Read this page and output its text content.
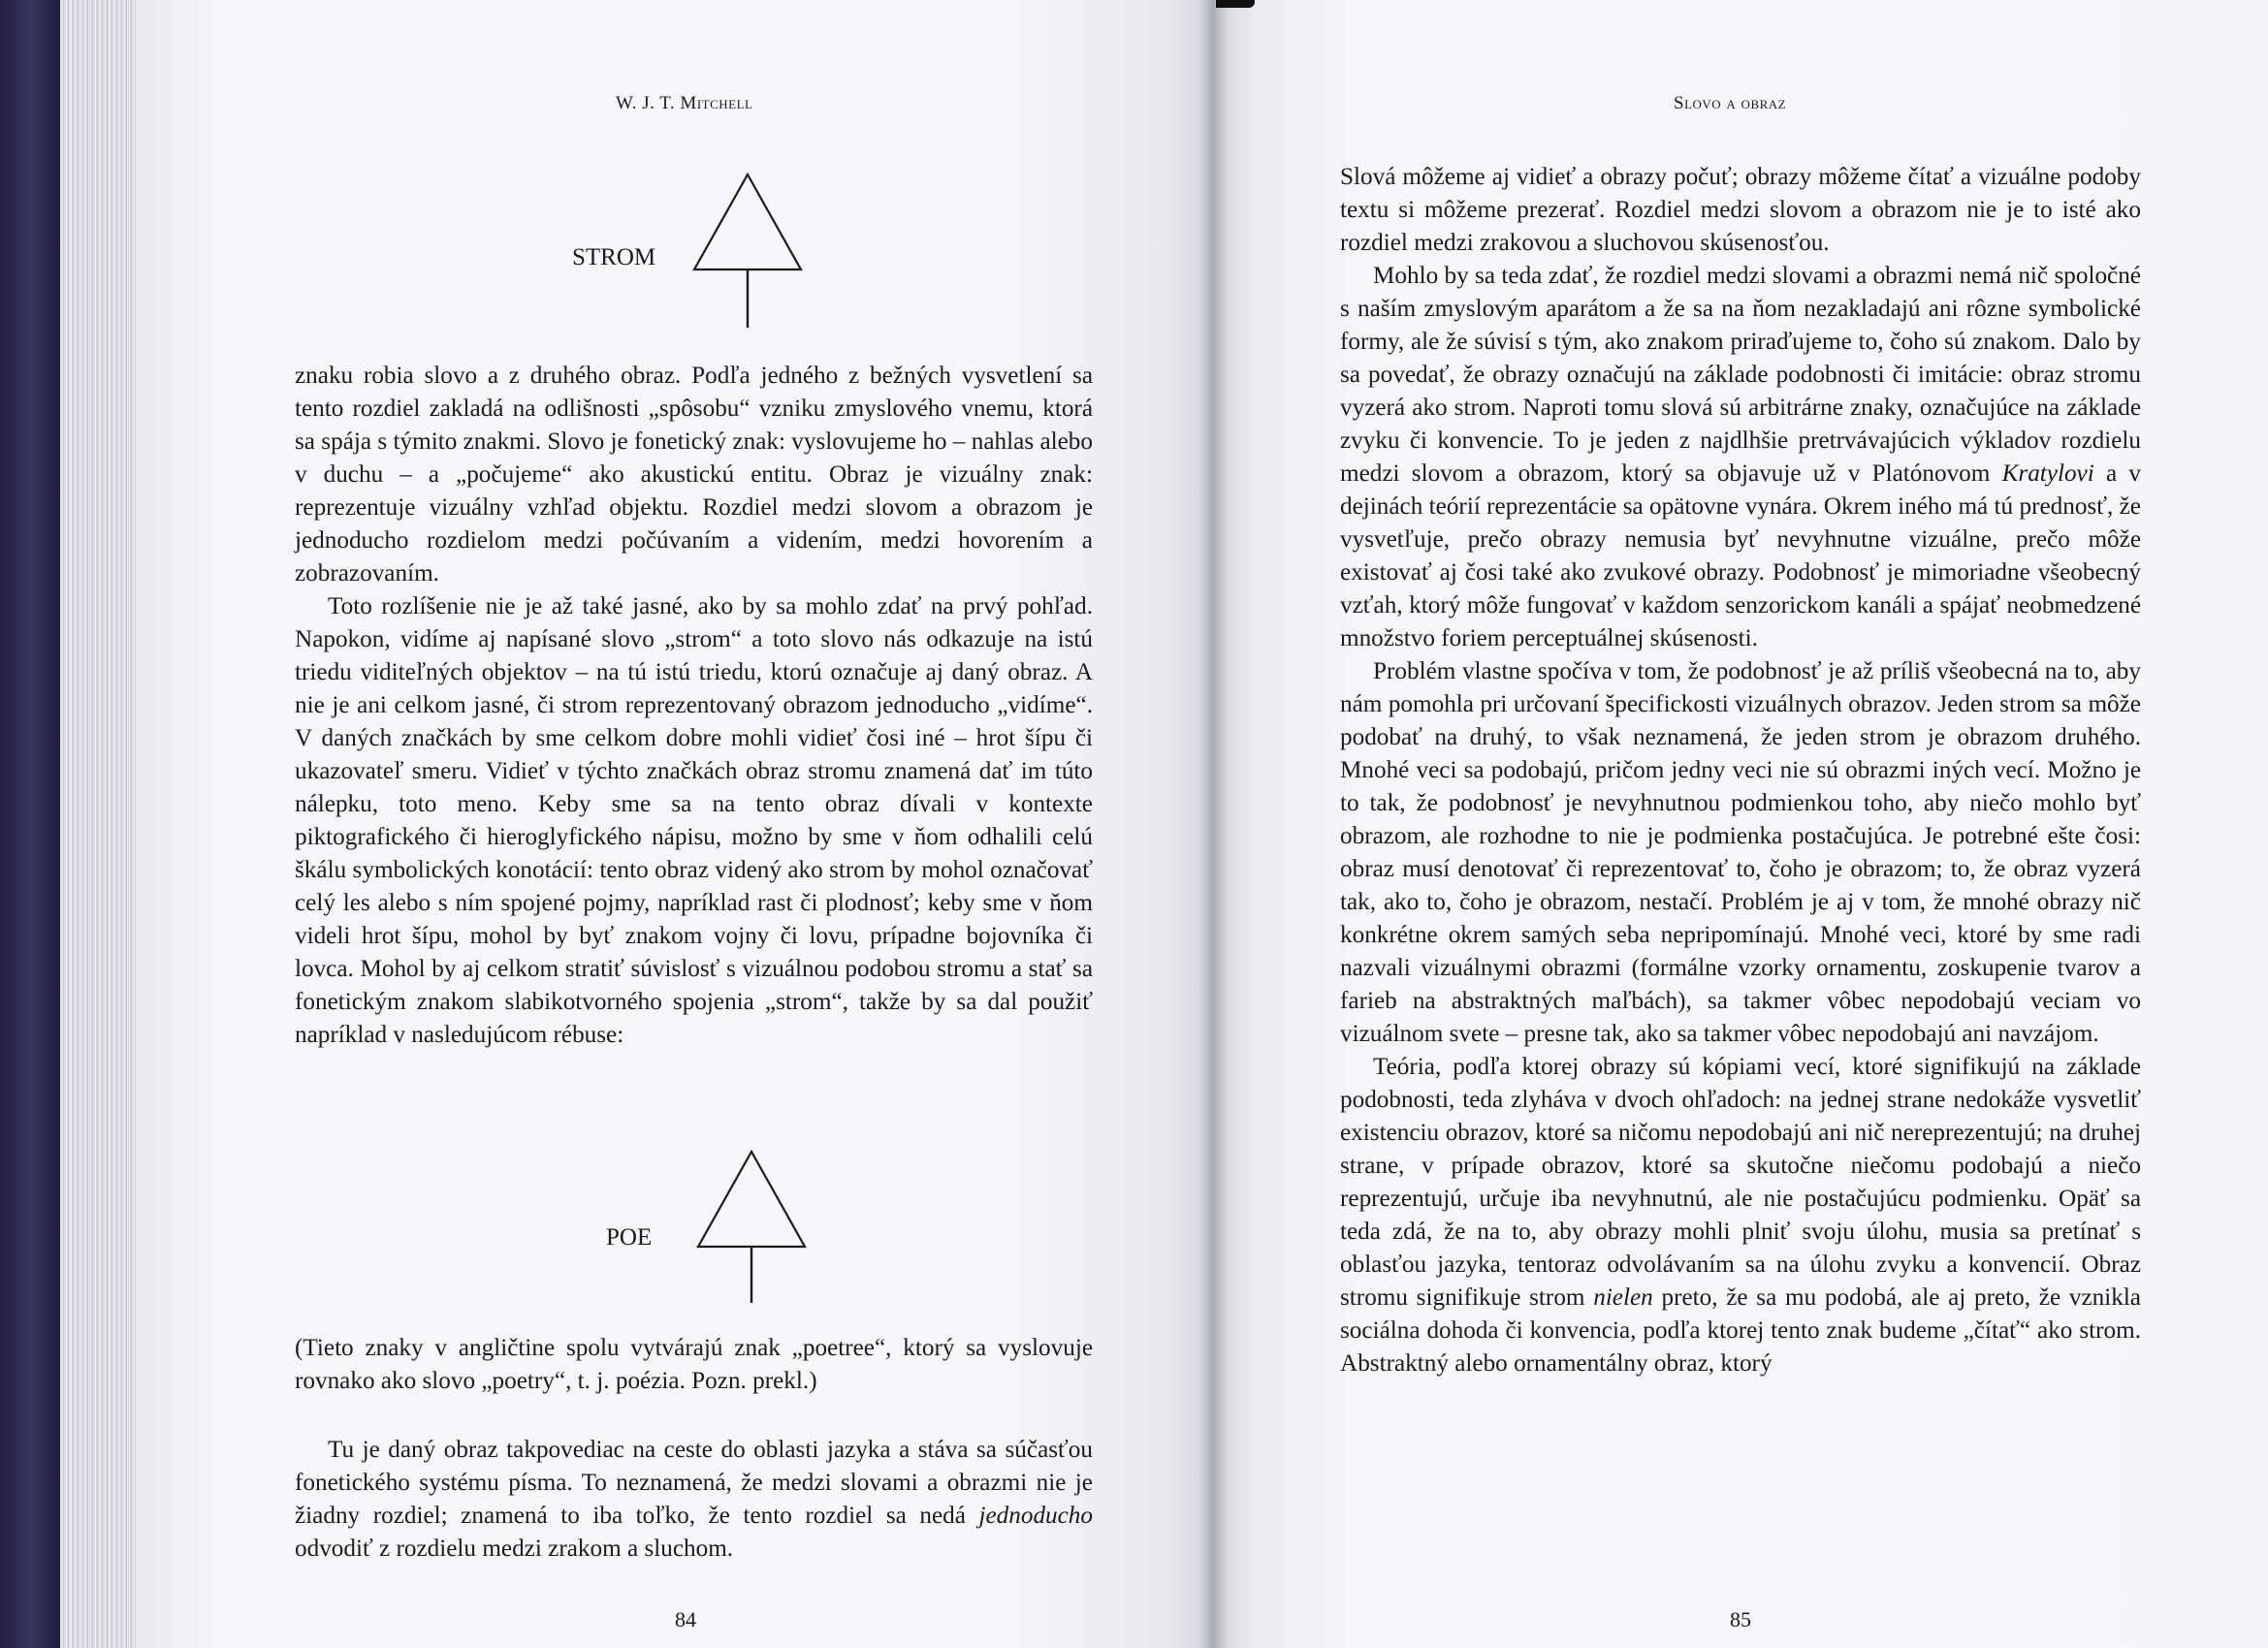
W. J. T. Mitchell
STROM

znaku robia slovo a z druhého obraz. Podľa jedného z bežných vysvetlení sa tento rozdiel zakladá na odlišnosti „spôsobu“ vzniku zmyslového vnemu, ktorá sa spája s týmito znakmi. Slovo je fonetický znak: vyslovujeme ho – nahlas alebo v duchu – a „počujeme“ ako akustickú entitu. Obraz je vizuálny znak: reprezentuje vizuálny vzhľad objektu. Rozdiel medzi slovom a obrazom je jednoducho rozdielom medzi počúvaním a videním, medzi hovorením a zobrazovaním.

Toto rozlíšenie nie je až také jasné, ako by sa mohlo zdať na prvý pohľad. Napokon, vidíme aj napísané slovo „strom“ a toto slovo nás odkazuje na istú triedu viditeľných objektov – na tú istú triedu, ktorú označuje aj daný obraz. A nie je ani celkom jasné, či strom reprezentovaný obrazom jednoducho „vidíme“. V daných značkách by sme celkom dobre mohli vidieť čosi iné – hrot šípu či ukazovateľ smeru. Vidieť v týchto značkách obraz stromu znamená dať im túto nálepku, toto meno. Keby sme sa na tento obraz dívali v kontexte piktografického či hieroglyfického nápisu, možno by sme v ňom odhalili celú škálu symbolických konotácií: tento obraz videný ako strom by mohol označovať celý les alebo s ním spojené pojmy, napríklad rast či plodnosť; keby sme v ňom videli hrot šípu, mohol by byť znakom vojny či lovu, prípadne bojovníka či lovca. Mohol by aj celkom stratiť súvislosť s vizuálnou podobou stromu a stať sa fonetickým znakom slabikotvorného spojenia „strom“, takže by sa dal použiť napríklad v nasledujúcom rébuse:

POE

(Tieto znaky v angličtine spolu vytvárajú znak „poetree“, ktorý sa vyslovuje rovnako ako slovo „poetry“, t. j. poézia. Pozn. prekl.)

Tu je daný obraz takpovediac na ceste do oblasti jazyka a stáva sa súčasťou fonetického systému písma. To neznamená, že medzi slovami a obrazmi nie je žiadny rozdiel; znamená to iba toľko, že tento rozdiel sa nedá jednoducho odvodiť z rozdielu medzi zrakom a sluchom.

84
Slovo a obraz

Slová môžeme aj vidieť a obrazy počuť; obrazy môžeme čítať a vizuálne podoby textu si môžeme prezerať. Rozdiel medzi slovom a obrazom nie je to isté ako rozdiel medzi zrakovou a sluchovou skúsenosťou.

Mohlo by sa teda zdať, že rozdiel medzi slovami a obrazmi nemá nič spoločné s naším zmyslovým aparátom a že sa na ňom nezakladajú ani rôzne symbolické formy, ale že súvisí s tým, ako znakom priraďujeme to, čoho sú znakom. Dalo by sa povedať, že obrazy označujú na základe podobnosti či imitácie: obraz stromu vyzerá ako strom. Naproti tomu slová sú arbitrárne znaky, označujúce na základe zvyku či konvencie. To je jeden z najdlhšie pretrvávajúcich výkladov rozdielu medzi slovom a obrazom, ktorý sa objavuje už v Platónovom Kratylovi a v dejinách teórií reprezentácie sa opätovne vynára. Okrem iného má tú prednosť, že vysvetľuje, prečo obrazy nemusia byť nevyhnutne vizuálne, prečo môže existovať aj čosi také ako zvukové obrazy. Podobnosť je mimoriadne všeobecný vzťah, ktorý môže fungovať v každom senzorickom kanáli a spájať neobmedzené množstvo foriem perceptuálnej skúsenosti.

Problém vlastne spočíva v tom, že podobnosť je až príliš všeobecná na to, aby nám pomohla pri určovaní špecifickosti vizuálnych obrazov. Jeden strom sa môže podobať na druhý, to však neznamená, že jeden strom je obrazom druhého. Mnohé veci sa podobajú, pričom jedny veci nie sú obrazmi iných vecí. Možno je to tak, že podobnosť je nevyhnutnou podmienkou toho, aby niečo mohlo byť obrazom, ale rozhodne to nie je podmienka postačujúca. Je potrebné ešte čosi: obraz musí denotovať či reprezentovať to, čoho je obrazom; to, že obraz vyzerá tak, ako to, čoho je obrazom, nestačí. Problém je aj v tom, že mnohé obrazy nič konkrétne okrem samých seba nepripomínajú. Mnohé veci, ktoré by sme radi nazvali vizuálnymi obrazmi (formálne vzorky ornamentu, zoskupenie tvarov a farieb na abstraktných maľbách), sa takmer vôbec nepodobajú veciam vo vizuálnom svete – presne tak, ako sa takmer vôbec nepodobajú ani navzájom.

Teória, podľa ktorej obrazy sú kópiami vecí, ktoré signifikujú na základe podobnosti, teda zlyháva v dvoch ohľadoch: na jednej strane nedokáže vysvetliť existenciu obrazov, ktoré sa ničomu nepodobajú ani nič nereprezentujú; na druhej strane, v prípade obrazov, ktoré sa skutočne niečomu podobajú a niečo reprezentujú, určuje iba nevyhnutnú, ale nie postačujúcu podmienku. Opäť sa teda zdá, že na to, aby obrazy mohli plniť svoju úlohu, musia sa pretínať s oblasťou jazyka, tentoraz odvolávaním sa na úlohu zvyku a konvencií. Obraz stromu signifikuje strom nielen preto, že sa mu podobá, ale aj preto, že vznikla sociálna dohoda či konvencia, podľa ktorej tento znak budeme „čítať“ ako strom. Abstraktný alebo ornamentálny obraz, ktorý

85
